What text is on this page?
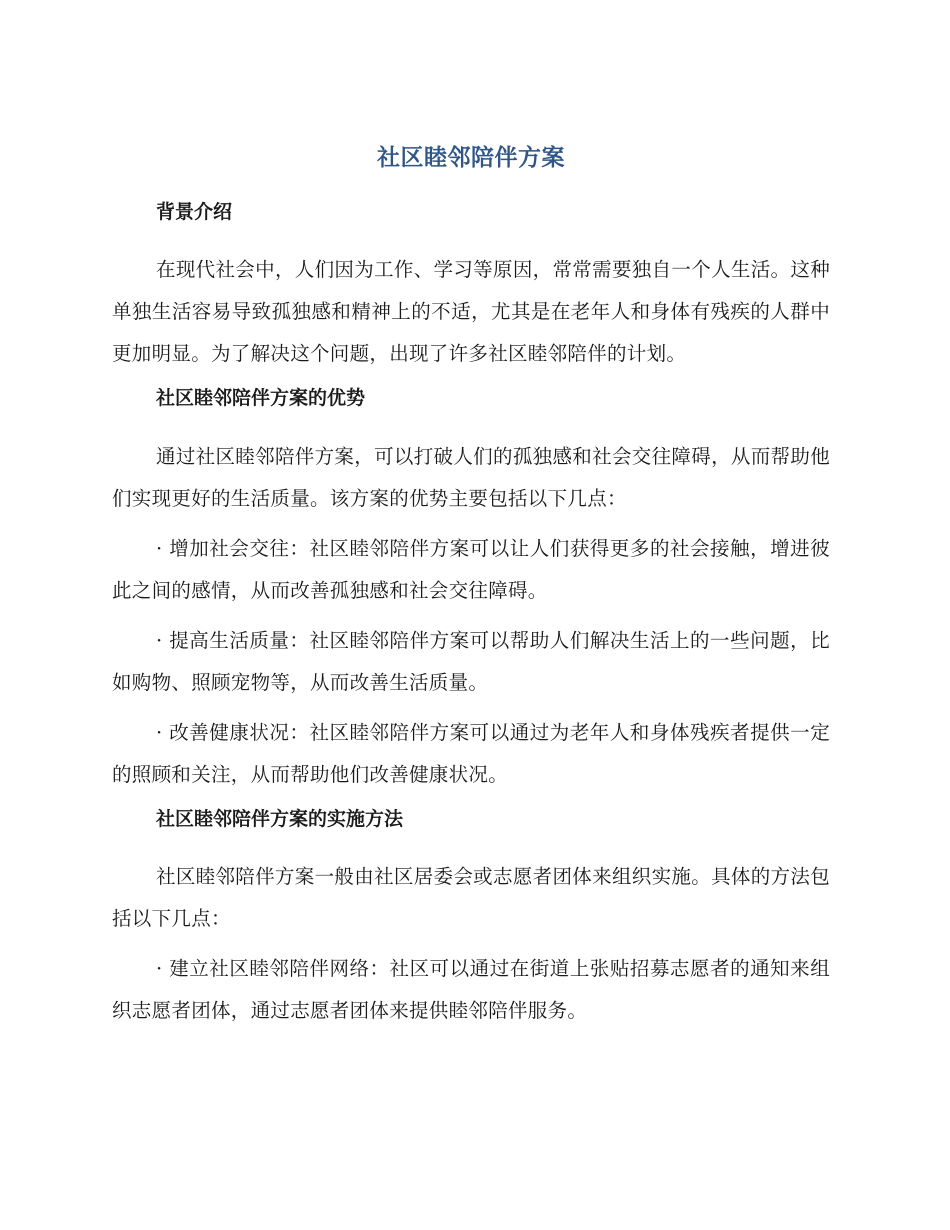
社区睦邻陪伴方案
背景介绍

在现代社会中，人们因为工作、学习等原因，常常需要独自一个人生活。这种单独生活容易导致孤独感和精神上的不适，尤其是在老年人和身体有残疾的人群中更加明显。为了解决这个问题，出现了许多社区睦邻陪伴的计划。

社区睦邻陪伴方案的优势

通过社区睦邻陪伴方案，可以打破人们的孤独感和社会交往障碍，从而帮助他们实现更好的生活质量。该方案的优势主要包括以下几点：

· 增加社会交往：社区睦邻陪伴方案可以让人们获得更多的社会接触，增进彼此之间的感情，从而改善孤独感和社会交往障碍。

· 提高生活质量：社区睦邻陪伴方案可以帮助人们解决生活上的一些问题，比如购物、照顾宠物等，从而改善生活质量。

· 改善健康状况：社区睦邻陪伴方案可以通过为老年人和身体残疾者提供一定的照顾和关注，从而帮助他们改善健康状况。

社区睦邻陪伴方案的实施方法

社区睦邻陪伴方案一般由社区居委会或志愿者团体来组织实施。具体的方法包括以下几点：

· 建立社区睦邻陪伴网络：社区可以通过在街道上张贴招募志愿者的通知来组织志愿者团体，通过志愿者团体来提供睦邻陪伴服务。
